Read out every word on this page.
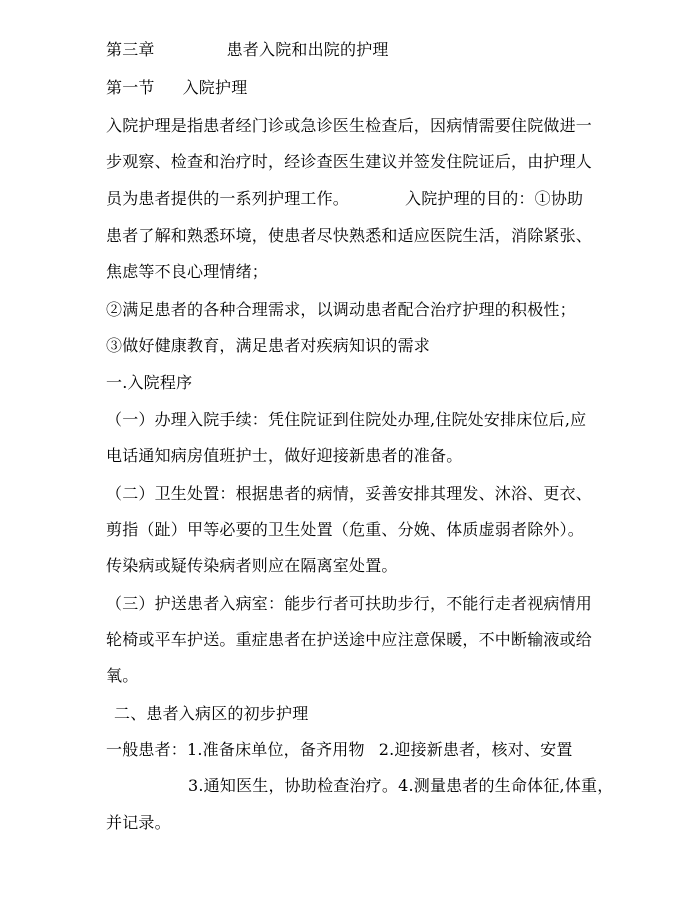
第三章	患者入院和出院的护理
第一节 入院护理
入院护理是指患者经门诊或急诊医生检查后，因病情需要住院做进一
步观察、检查和治疗时，经诊查医生建议并签发住院证后，由护理人
员为患者提供的一系列护理工作。	入院护理的目的：①协助
患者了解和熟悉环境，使患者尽快熟悉和适应医院生活，消除紧张、
焦虑等不良心理情绪；
②满足患者的各种合理需求，以调动患者配合治疗护理的积极性；
③做好健康教育，满足患者对疾病知识的需求
一.入院程序
（一）办理入院手续：凭住院证到住院处办理,住院处安排床位后,应
电话通知病房值班护士，做好迎接新患者的准备。
（二）卫生处置：根据患者的病情，妥善安排其理发、沐浴、更衣、
剪指（趾）甲等必要的卫生处置（危重、分娩、体质虚弱者除外）。
传染病或疑传染病者则应在隔离室处置。
（三）护送患者入病室：能步行者可扶助步行，不能行走者视病情用
轮椅或平车护送。重症患者在护送途中应注意保暖，不中断输液或给
氧。
二、患者入病区的初步护理
一般患者：1.准备床单位，备齐用物 2.迎接新患者，核对、安置
3.通知医生，协助检查治疗。4.测量患者的生命体征,体重，
并记录。
